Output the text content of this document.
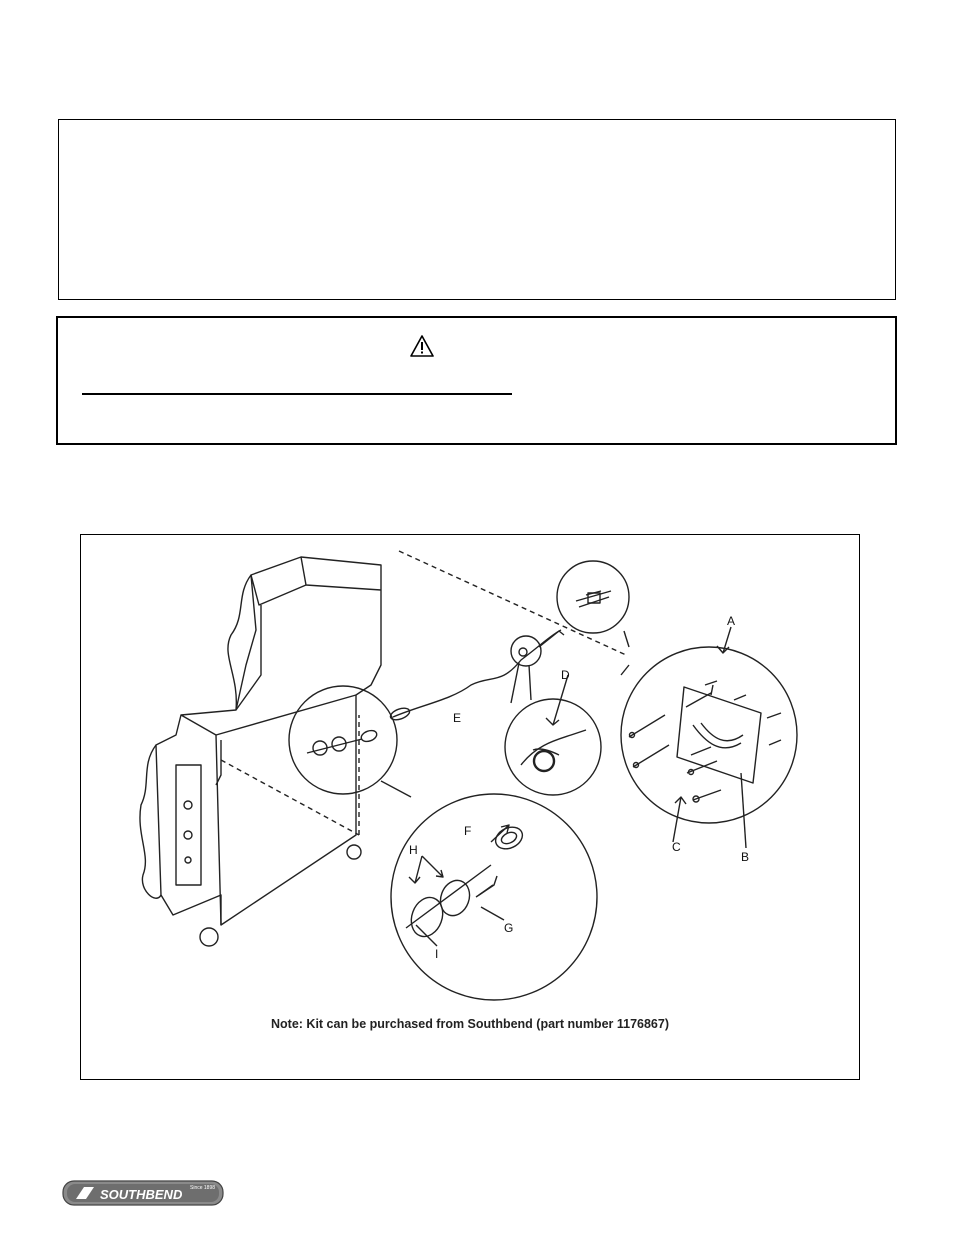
A
B
C
D
E
F
G
H
I
Note: Kit can be purchased from Southbend (part number 1176867)
SOUTHBEND Since 1898
